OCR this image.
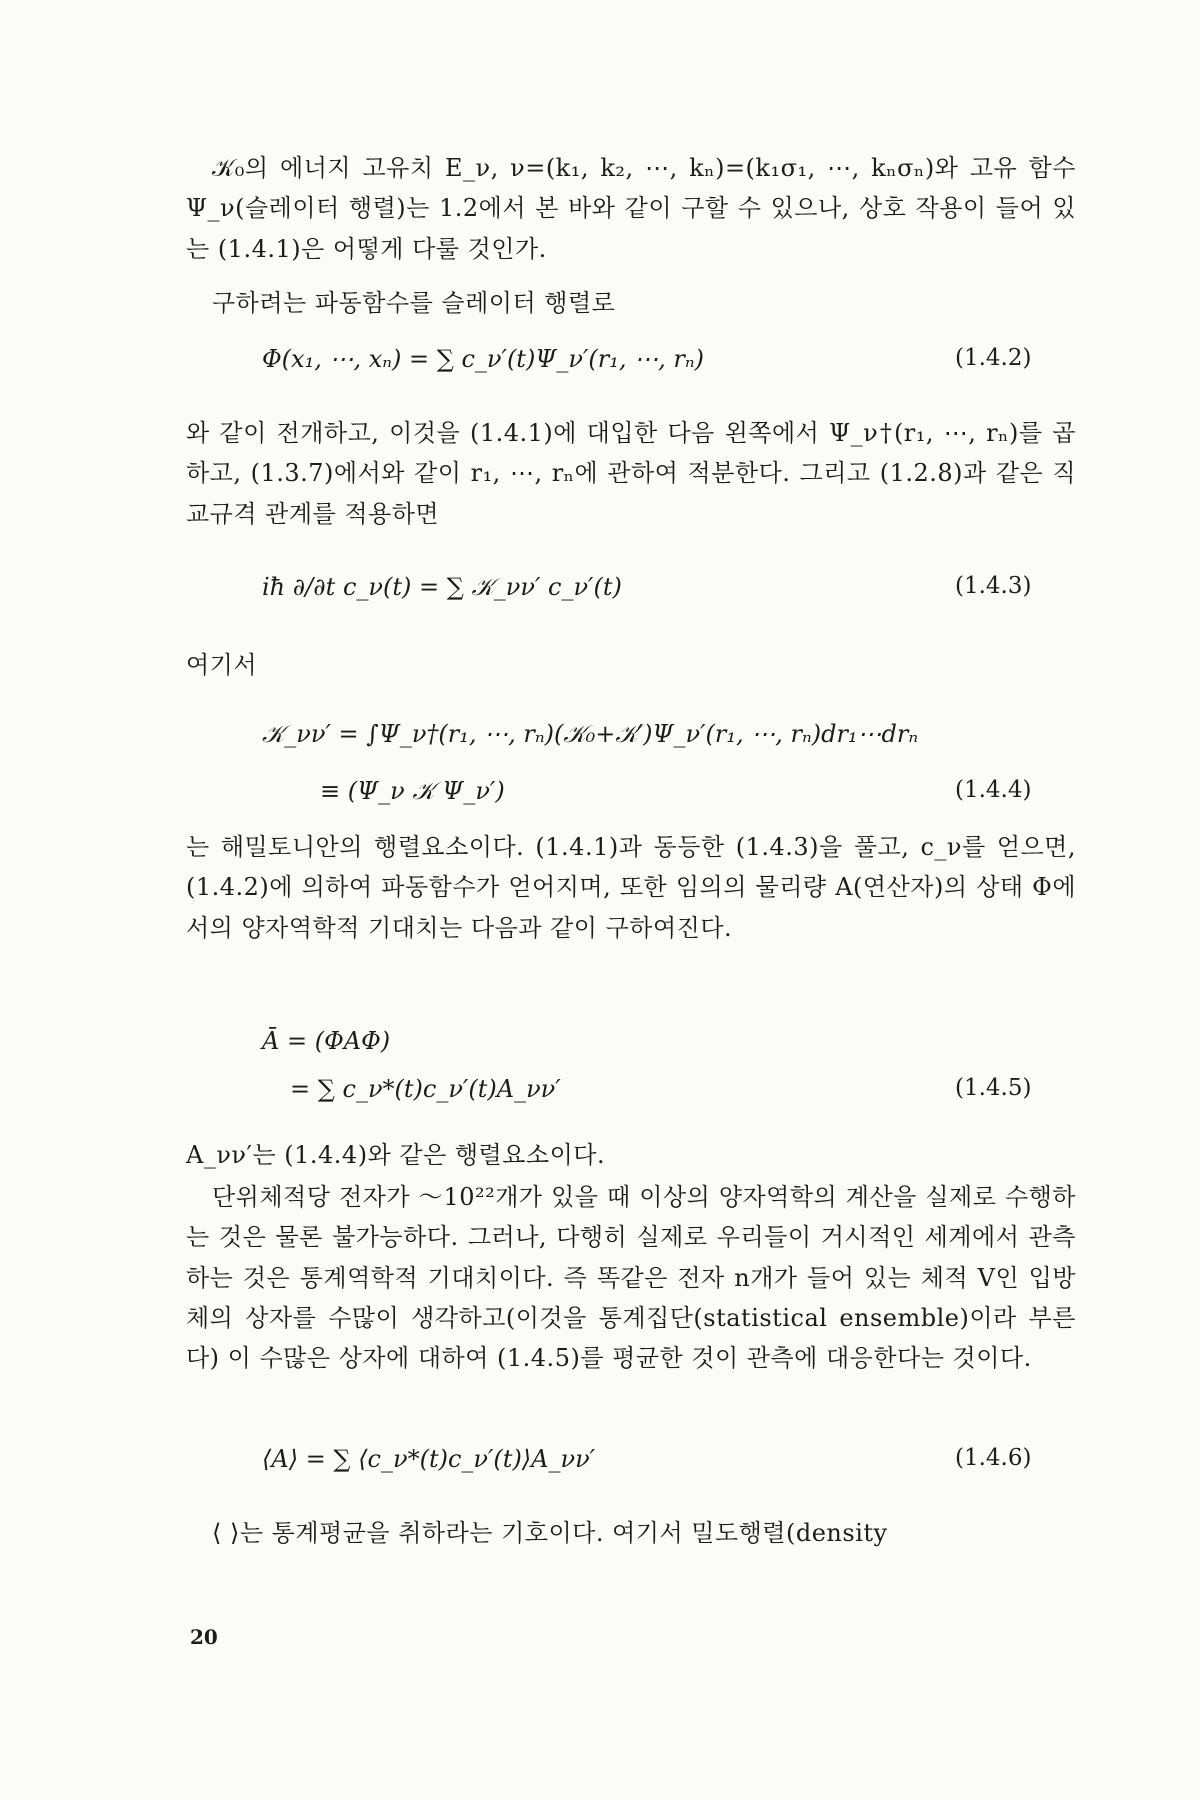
𝒦₀의 에너지 고유치 E_ν, ν=(k₁, k₂, ⋯, kₙ)=(k₁σ₁, ⋯, kₙσₙ)와 고유 함수 Ψ_ν(슬레이터 행렬)는 1.2에서 본 바와 같이 구할 수 있으나, 상호 작용이 들어 있는 (1.4.1)은 어떻게 다룰 것인가.
구하려는 파동함수를 슬레이터 행렬로
Φ(x₁, ⋯, xₙ) = ∑ c_ν′(t)Ψ_ν′(r₁, ⋯, rₙ)	(1.4.2)
와 같이 전개하고, 이것을 (1.4.1)에 대입한 다음 왼쪽에서 Ψ_ν†(r₁, ⋯, rₙ)를 곱하고, (1.3.7)에서와 같이 r₁, ⋯, rₙ에 관하여 적분한다. 그리고 (1.2.8)과 같은 직교규격 관계를 적용하면
iħ ∂/∂t c_ν(t) = ∑ 𝒦_νν′ c_ν′(t)	(1.4.3)
여기서
𝒦_νν′ = ∫Ψ_ν†(r₁, ⋯, rₙ)(𝒦₀+𝒦′)Ψ_ν′(r₁, ⋯, rₙ)dr₁⋯drₙ
≡ (Ψ_ν 𝒦 Ψ_ν′)	(1.4.4)
는 해밀토니안의 행렬요소이다. (1.4.1)과 동등한 (1.4.3)을 풀고, c_ν를 얻으면, (1.4.2)에 의하여 파동함수가 얻어지며, 또한 임의의 물리량 A(연산자)의 상태 Φ에서의 양자역학적 기대치는 다음과 같이 구하여진다.
Ā = (ΦAΦ)
= ∑ c_ν*(t)c_ν′(t)A_νν′	(1.4.5)
A_νν′는 (1.4.4)와 같은 행렬요소이다.
단위체적당 전자가 ～10²²개가 있을 때 이상의 양자역학의 계산을 실제로 수행하는 것은 물론 불가능하다. 그러나, 다행히 실제로 우리들이 거시적인 세계에서 관측하는 것은 통계역학적 기대치이다. 즉 똑같은 전자 n개가 들어 있는 체적 V인 입방체의 상자를 수많이 생각하고(이것을 통계집단(statistical ensemble)이라 부른다) 이 수많은 상자에 대하여 (1.4.5)를 평균한 것이 관측에 대응한다는 것이다.
⟨A⟩ = ∑ ⟨c_ν*(t)c_ν′(t)⟩A_νν′	(1.4.6)
⟨ ⟩는 통계평균을 취하라는 기호이다. 여기서 밀도행렬(density
20
